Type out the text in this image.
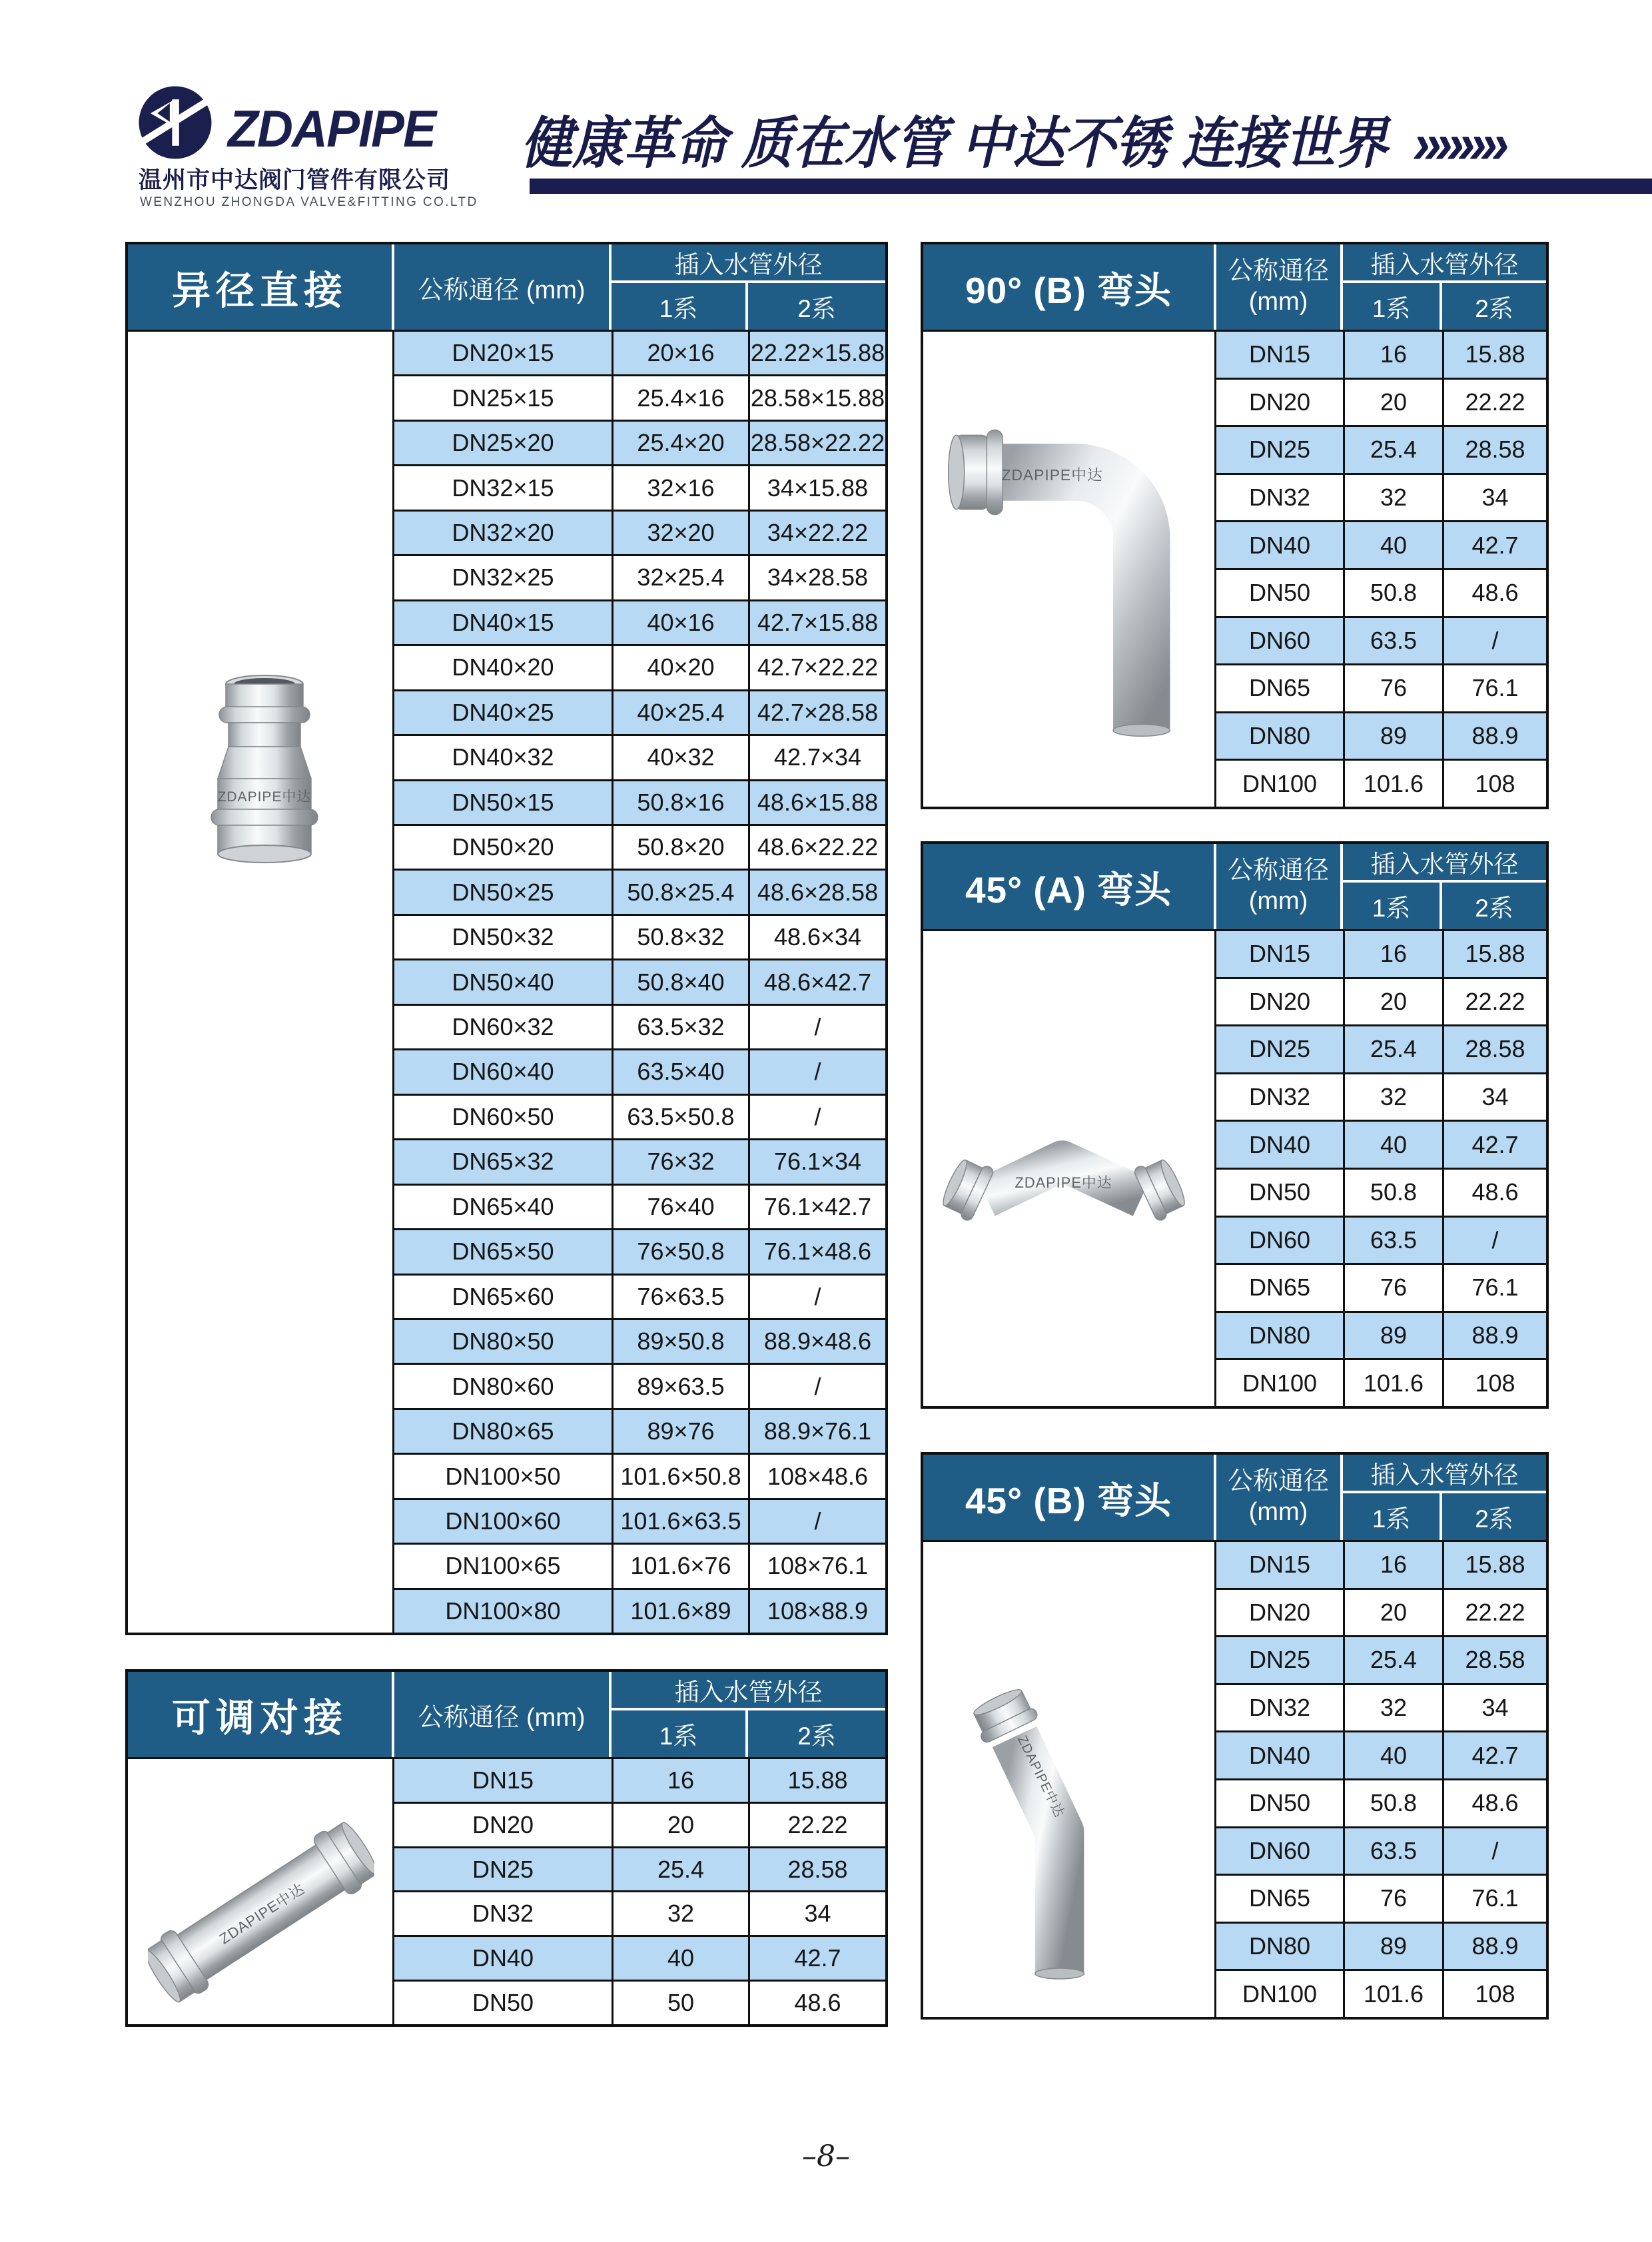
ZDAPIPE
温州市中达阀门管件有限公司
WENZHOU ZHONGDA VALVE&FITTING CO.LTD
健康革命 质在水管 中达不锈 连接世界 »»»»
异径直接	公称通径 (mm)
插入水管外径
1系	2系
ZDAPIPE中达
DN20×15	20×16	22.22×15.88
DN25×15	25.4×16	28.58×15.88
DN25×20	25.4×20	28.58×22.22
DN32×15	32×16	34×15.88
DN32×20	32×20	34×22.22
DN32×25	32×25.4	34×28.58
DN40×15	40×16	42.7×15.88
DN40×20	40×20	42.7×22.22
DN40×25	40×25.4	42.7×28.58
DN40×32	40×32	42.7×34
DN50×15	50.8×16	48.6×15.88
DN50×20	50.8×20	48.6×22.22
DN50×25	50.8×25.4 48.6×28.58
DN50×32	50.8×32	48.6×34
DN50×40	50.8×40	48.6×42.7
DN60×32	63.5×32	/
DN60×40	63.5×40	/
DN60×50	63.5×50.8	/
DN65×32	76×32	76.1×34
DN65×40	76×40	76.1×42.7
DN65×50	76×50.8	76.1×48.6
DN65×60	76×63.5	/
DN80×50	89×50.8	88.9×48.6
DN80×60	89×63.5	/
DN80×65	89×76	88.9×76.1
DN100×50	101.6×50.8	108×48.6
DN100×60	101.6×63.5	/
DN100×65	101.6×76	108×76.1
DN100×80	101.6×89	108×88.9
可调对接	公称通径 (mm)
插入水管外径
1系	2系
ZDAPIPE中达
DN15	16	15.88
DN20	20	22.22
DN25	25.4	28.58
DN32	32	34
DN40	40	42.7
DN50	50	48.6
90° (B) 弯头	公称通径
(mm)
插入水管外径
1系	2系
ZDAPIPE中达
DN15	16	15.88
DN20	20	22.22
DN25	25.4	28.58
DN32	32	34
DN40	40	42.7
DN50	50.8	48.6
DN60	63.5	/
DN65	76	76.1
DN80	89	88.9
DN100	101.6	108
45° (A) 弯头	公称通径
(mm)
插入水管外径
1系	2系
ZDAPIPE中达
DN15	16	15.88
DN20	20	22.22
DN25	25.4	28.58
DN32	32	34
DN40	40	42.7
DN50	50.8	48.6
DN60	63.5	/
DN65	76	76.1
DN80	89	88.9
DN100	101.6	108
45° (B) 弯头	公称通径
(mm)
插入水管外径
1系	2系
ZDAPIPE中达
DN15	16	15.88
DN20	20	22.22
DN25	25.4	28.58
DN32	32	34
DN40	40	42.7
DN50	50.8	48.6
DN60	63.5	/
DN65	76	76.1
DN80	89	88.9
DN100	101.6	108
–8–
